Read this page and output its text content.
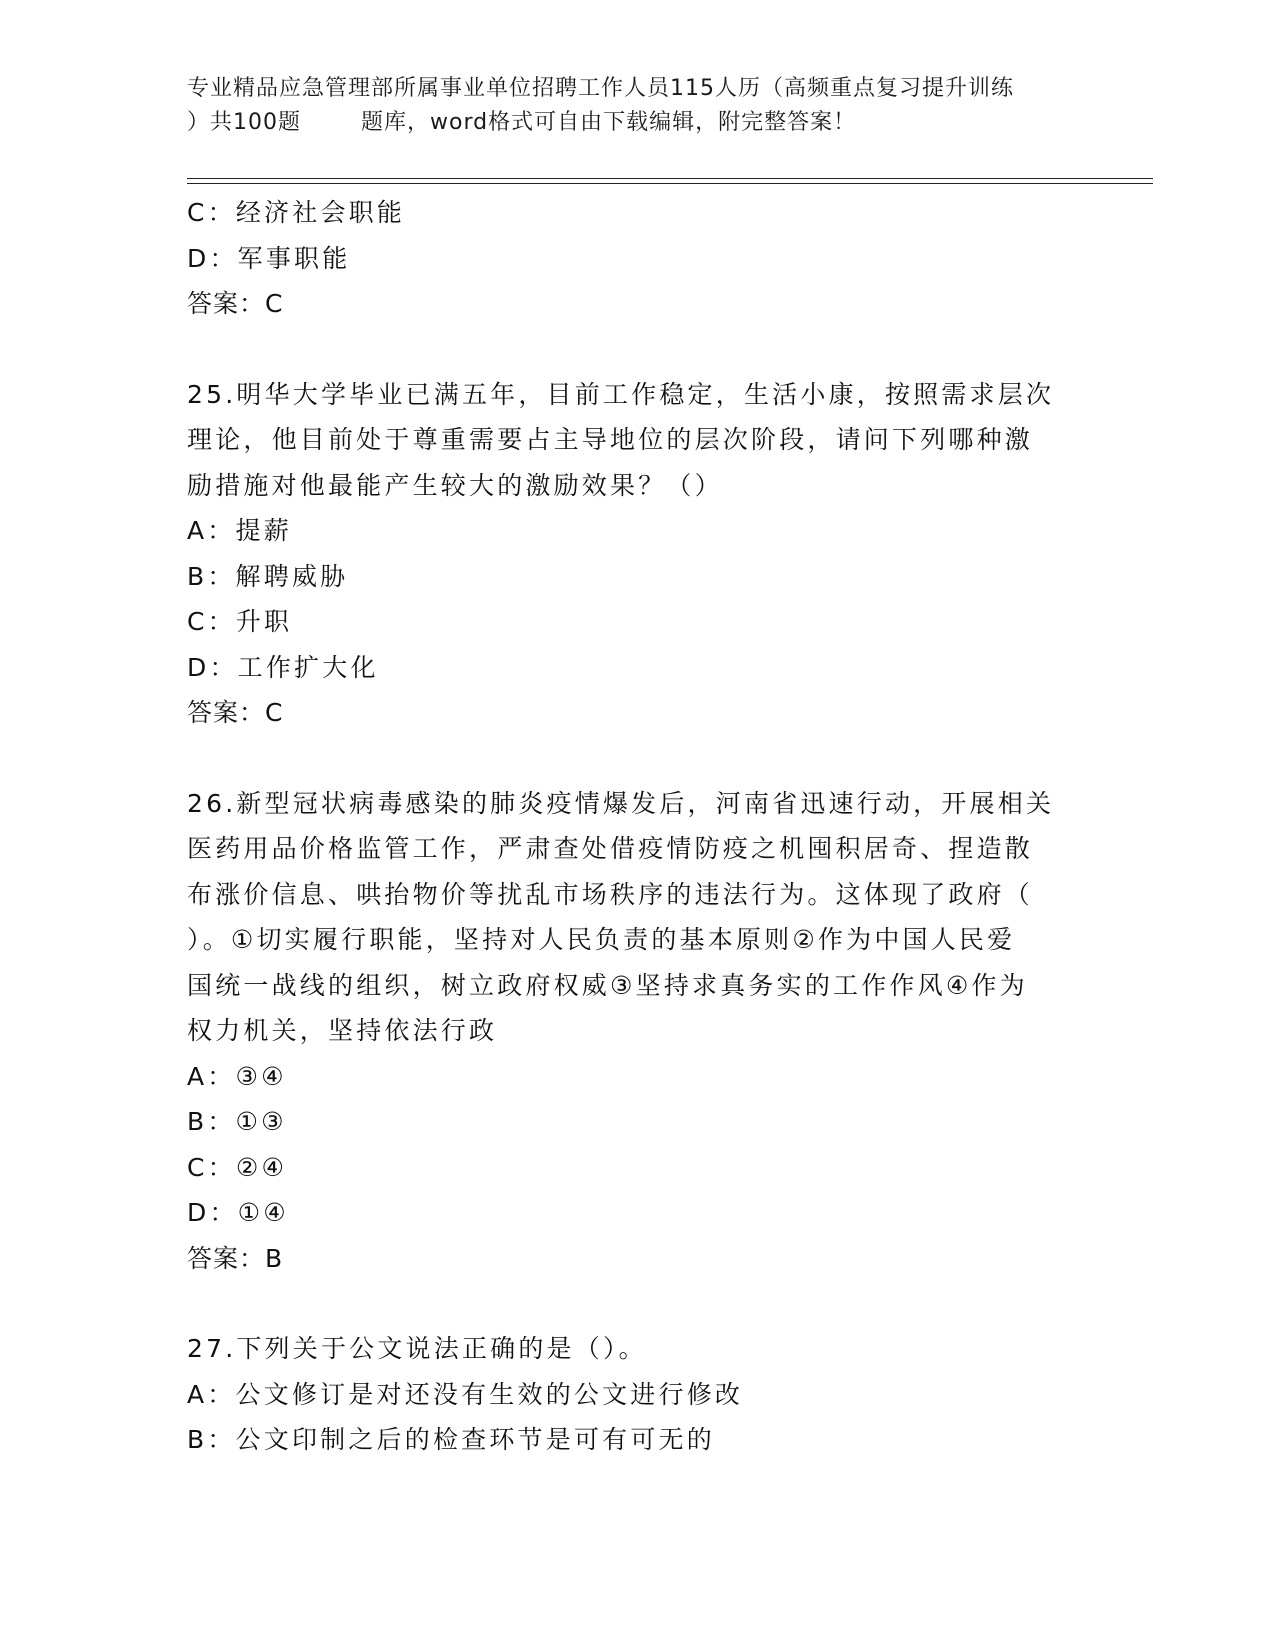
专业精品应急管理部所属事业单位招聘工作人员115人历（高频重点复习提升训练
）共100题	题库，word格式可自由下载编辑，附完整答案！

C：经济社会职能

D：军事职能

答案：C

25.明华大学毕业已满五年，目前工作稳定，生活小康，按照需求层次

理论，他目前处于尊重需要占主导地位的层次阶段，请问下列哪种激

励措施对他最能产生较大的激励效果？（）

A：提薪

B：解聘威胁

C：升职

D：工作扩大化

答案：C

26.新型冠状病毒感染的肺炎疫情爆发后，河南省迅速行动，开展相关

医药用品价格监管工作，严肃查处借疫情防疫之机囤积居奇、捏造散

布涨价信息、哄抬物价等扰乱市场秩序的违法行为。这体现了政府（

）。①切实履行职能，坚持对人民负责的基本原则②作为中国人民爱

国统一战线的组织，树立政府权威③坚持求真务实的工作作风④作为

权力机关，坚持依法行政

A：③④

B：①③

C：②④

D：①④

答案：B

27.下列关于公文说法正确的是（）。

A：公文修订是对还没有生效的公文进行修改

B：公文印制之后的检查环节是可有可无的
